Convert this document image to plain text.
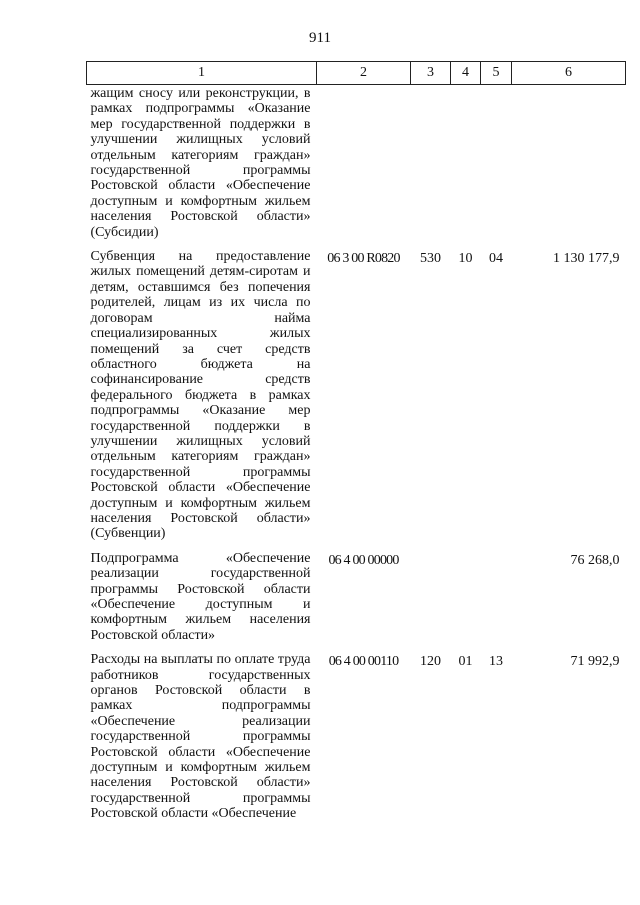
911
1	2	3	4	5	6
жащим сносу или реконструкции, в рамках подпрограммы «Оказание мер государственной поддержки в улучшении жилищных условий отдельным категориям граждан» государственной программы Ростовской области «Обеспечение доступным и комфортным жильем населения Ростовской области» (Субсидии)					
Субвенция на предоставление жилых помещений детям-сиротам и детям, оставшимся без попечения родителей, лицам из их числа по договорам найма специализированных жилых помещений за счет средств областного бюджета на софинансирование средств федерального бюджета в рамках подпрограммы «Оказание мер государственной поддержки в улучшении жилищных условий отдельным категориям граждан» государственной программы Ростовской области «Обеспечение доступным и комфортным жильем населения Ростовской области» (Субвенции)	06 3 00 R0820	530	10	04	1 130 177,9
Подпрограмма «Обеспечение реализации государственной программы Ростовской области «Обеспечение доступным и комфортным жильем населения Ростовской области»	06 4 00 00000				76 268,0
Расходы на выплаты по оплате труда работников государственных органов Ростовской области в рамках подпрограммы «Обеспечение реализации государственной программы Ростовской области «Обеспечение доступным и комфортным жильем населения Ростовской области» государственной программы Ростовской области «Обеспечение	06 4 00 00110	120	01	13	71 992,9
